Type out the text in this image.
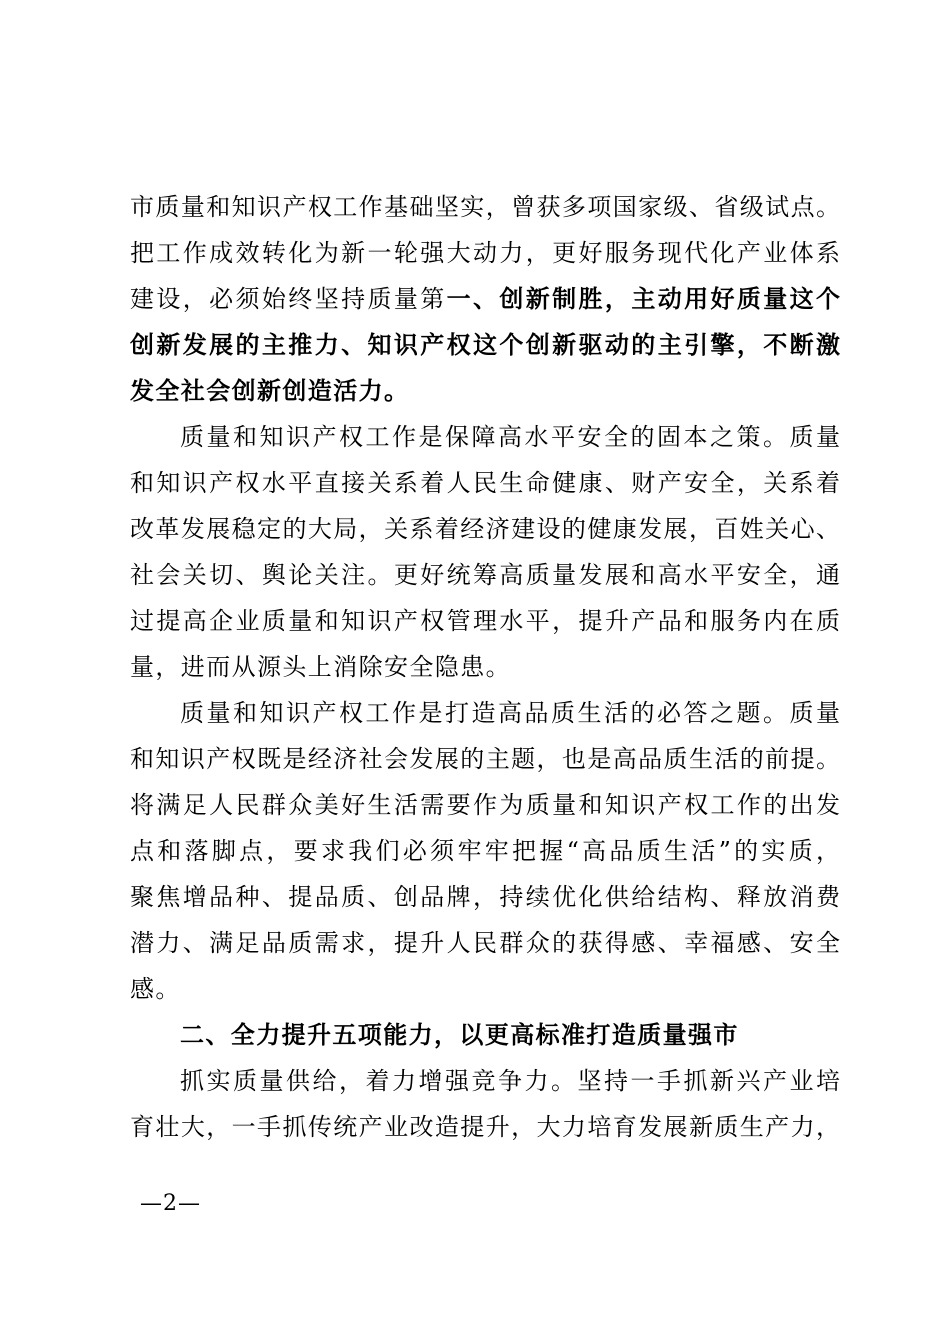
市质量和知识产权工作基础坚实，曾获多项国家级、省级试点。
把工作成效转化为新一轮强大动力，更好服务现代化产业体系
建设，必须始终坚持质量第一、创新制胜，主动用好质量这个
创新发展的主推力、知识产权这个创新驱动的主引擎，不断激
发全社会创新创造活力。
质量和知识产权工作是保障高水平安全的固本之策。质量
和知识产权水平直接关系着人民生命健康、财产安全，关系着
改革发展稳定的大局，关系着经济建设的健康发展，百姓关心、
社会关切、舆论关注。更好统筹高质量发展和高水平安全，通
过提高企业质量和知识产权管理水平，提升产品和服务内在质
量，进而从源头上消除安全隐患。
质量和知识产权工作是打造高品质生活的必答之题。质量
和知识产权既是经济社会发展的主题，也是高品质生活的前提。
将满足人民群众美好生活需要作为质量和知识产权工作的出发
点和落脚点，要求我们必须牢牢把握“高品质生活”的实质，
聚焦增品种、提品质、创品牌，持续优化供给结构、释放消费
潜力、满足品质需求，提升人民群众的获得感、幸福感、安全
感。
二、全力提升五项能力，以更高标准打造质量强市
抓实质量供给，着力增强竞争力。坚持一手抓新兴产业培
育壮大，一手抓传统产业改造提升，大力培育发展新质生产力，
—2—
